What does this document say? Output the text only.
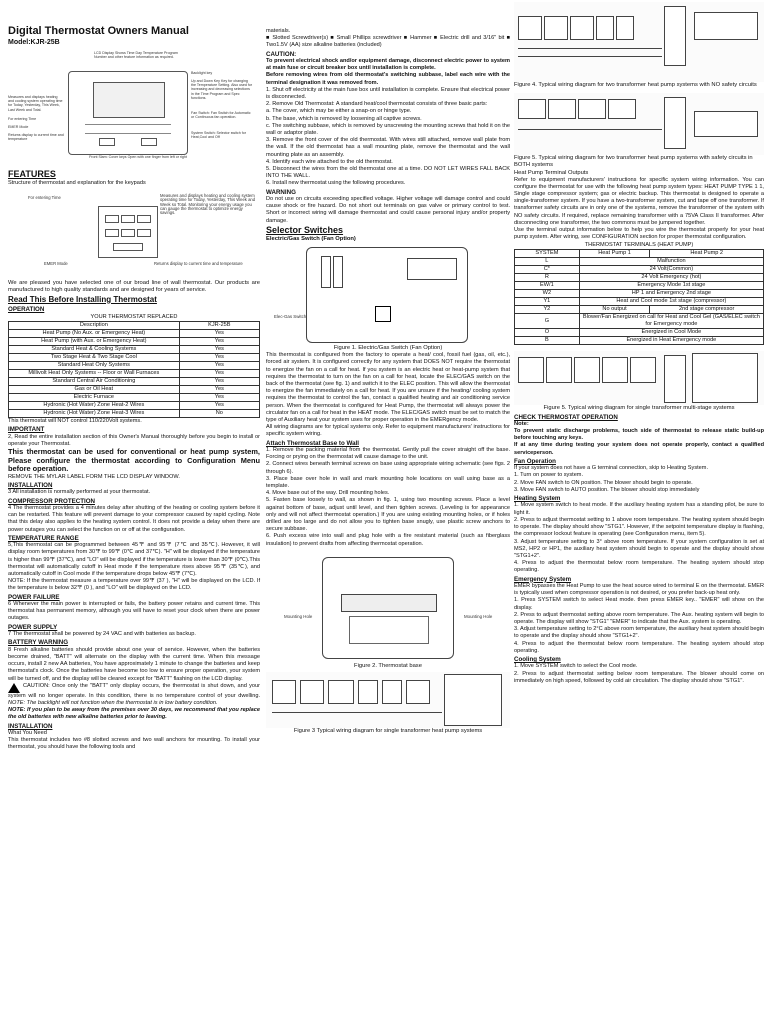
Digital Thermostat Owners Manual
Model:KJR-25B
LCD Display Shows Time Day Temperature Program Number and other feature information as required.
Backlight key
Up and Down Key Key for changing the Temperature Setting. Also used for increasing and decreasing selections in the Time Program and Spec functions.
Measures and displays heating and cooling system operating time for Today, Yesterday, This Week, Last Week and Total.
For entering Time
EMER Mode
Returns display to current time and temperature
Fan Switch: Fan Switch for Automatic or Continuous fan operation.
System Switch: Selector switch for Heat,Cool and Off
Front Slam: Cover keys Open with one finger from left or right
FEATURES

Structure of thermostat and explanation for the keypads

For entering Time	Measures and displays heating and cooling system operating time for Today, Yesterday, This Week and Week so Total. Monitoring your energy usage you can gauge the thermostat to optimize energy savings.
EMER Mode	Returns display to current time and temperature

We are pleased you have selected one of our broad line of wall thermostat. Our products are manufactured to high quality standards and are designed for years of service.

Read This Before Installing Thermostat
OPERATION
YOUR THERMOSTAT REPLACED	
Description	KJR-25B
Heat Pump (No Aux. or Emergency Heat)	Yes
Heat Pump (with Aux. or Emergency Heat)	Yes
Standard Heat & Cooling Systems	Yes
Two Stage Heat & Two Stage Cool	Yes
Standard Heat Only Systems	Yes
Millivolt Heat Only Systems -- Floor or Wall Furnaces	Yes
Standard Central Air Conditioning	Yes
Gas or Oil Heat	Yes
Electric Furnace	Yes
Hydronic (Hot Water) Zone Heat-2 Wires	Yes
Hydronic (Hot Water) Zone Heat-3 Wires	No

This thermostat will NOT control 110/220Volt systems.

IMPORTANT

2, Read the entire installation section of this Owner's Manual thoroughly before you begin to install or operate your Thermostat.

This thermostat can be used for conventional or heat pump system, Please configure the thermostat according to Configuration Menu before operation.

REMOVE THE MYLAR LABEL FORM THE LCD DISPLAY WINDOW.

INSTALLATION

3 All installation is normally performed at your thermostat.

COMPRESSOR PROTECTION

4 The thermostat provides a 4 minutes delay after shutting of the heating or cooling system before it can be restarted. This feature will prevent damage to your compressor caused by rapid cycling. Note that this delay also applies to the heating system control. It does not provide a delay when there are power outages you can select the function on or off at the configuration.

TEMPERATURE RANGE

5,This thermostat can be programmed between 45℉ and 95℉ (7℃ and 35℃). However, it will display room temperatures from 30℉ to 99℉ (0℃ and 37℃). "H" will be displayed if the temperature is higher than 99℉ (37℃), and "LO" will be displayed if the temperature is lower than 30℉ (0℃).This thermostat will automatically cutoff in Heat mode if the temperature rises above 95℉ (35℃), and automatically cutoff in Cool mode if the temperature drops below 45℉ (7℃).

NOTE: If the thermostat measure a temperature over 99℉ (37 ), "H" will be displayed on the LCD. If the temperature is below 32℉ (0 ), and "LO" will be displayed on the LCD.

POWER FAILURE

6 Whenever the main power is interrupted or fails, the battery power retains and current time. This thermostat has permanent memory, although you will have to reset your clock when there are power outages.

POWER SUPPLY

7 The thermostat shall be powered by 24 VAC and with batteries as backup.

BATTERY WARNING

8 Fresh alkaline batteries should provide about one year of service. However, when the batteries become drained, "BATT" will alternate on the display with the current time. When this message occurs, install 2 new AA batteries, You have approximately 1 minute to change the batteries and keep thermostat's clock. Once the batteries have become too low to ensure proper operation, your system will be turned off, and the display will be cleared except for "BATT" flashing on the LCD display.

CAUTION: Once only the "BATT" only display occurs, the thermostat is shut down, and your system will no longer operate. In this condition, there is no temperature control of your dwelling. NOTE: The backlight will not function when the thermostat is in low battery condition.

NOTE: If you plan to be away from the premises over 30 days, we recommend that you replace the old batteries with new alkaline batteries prior to leaving.

INSTALLATION
What You Need

This thermostat includes two #8 slotted screws and two wall anchors for mounting. To install your thermostat, you should have the following tools and

materials.

■ Slotted Screwdriver(s) ■ Small Phillips screwdriver ■ Hammer ■ Electric drill and 3/16" bit ■ Two1.5V (AA) size alkaline batteries (included)

CAUTION:

To prevent electrical shock and/or equipment damage, disconnect electric power to system at main fuse or circuit breaker box until installation is complete.

Before removing wires from old thermostat's switching subbase, label each wire with the terminal designation it was removed from.

1. Shut off electricity at the main fuse box until installation is complete. Ensure that electrical power is disconnected.

2. Remove Old Thermostat: A standard heat/cool thermostat consists of three basic parts:

a. The cover, which may be either a snap-on or hinge type.

b. The base, which is removed by loosening all captive screws.

c. The switching subbase, which is removed by unscrewing the mounting screws that hold it on the wall or adaptor plate.

3. Remove the front cover of the old thermostat. With wires still attached, remove wall plate from the wall. If the old thermostat has a wall mounting plate, remove the thermostat and the wall mounting plate as an assembly.

4. Identify each wire attached to the old thermostat.

5. Disconnect the wires from the old thermostat one at a time. DO NOT LET WIRES FALL BACK INTO THE WALL.

6. Install new thermostat using the following procedures.

WARNING

Do not use on circuits exceeding specified voltage. Higher voltage will damage control and could cause shock or fire hazard. Do not short out terminals on gas valve or primary control to test. Short or incorrect wiring will damage thermostat and could cause personal injury and/or property damage.

Selector Switches
Electric/Gas Switch (Fan Option)
Elec-Gas Switch
Figure 1. Electric/Gas Switch (Fan Option)

This thermostat is configured from the factory to operate a heat/ cool, fossil fuel (gas, oil, etc.), forced air system. It is configured correctly for any system that DOES NOT require the thermostat to energize the fan on a call for heat. If you system is an electric heat or heat-pump system that requires the thermostat to turn on the fan on a call for heat, locate the ELEC/GAS switch on the back of the thermostat (see fig. 1) and switch it to the ELEC position. This will allow the thermostat to energize the fan immediately on a call for heat. If you are unsure if the heating/ cooling system requires the thermostat to control the fan, contact a qualified heating and air conditioning service person. When the thermostat is configured for Heat Pump, the thermostat will always power the circulator fan on a call for heat in the HEAT mode. The ELEC/GAS switch must be set to match the type of Auxiliary heat your system uses for proper operation in the EMERgency mode.

All wiring diagrams are for typical systems only. Refer to equipment manufacturers' instructions for specific system wiring.

Attach Thermostat Base to Wall

1. Remove the packing material from the thermostat. Gently pull the cover straight off the base. Forcing or prying on the thermostat will cause damage to the unit.

2. Connect wires beneath terminal screws on base using appropriate wiring schematic (see figs. 2 through 6).

3. Place base over hole in wall and mark mounting hole locations on wall using base as a template.

4. Move base out of the way. Drill mounting holes.

5. Fasten base loosely to wall, as shown in fig. 1, using two mounting screws. Place a level against bottom of base, adjust until level, and then tighten screws. (Leveling is for appearance only and will not affect thermostat operation.) If you are using existing mounting holes, or if holes drilled are too large and do not allow you to tighten base snugly, use plastic screw anchors to secure subbase.

6. Push excess wire into wall and plug hole with a fire resistant material (such as fiberglass insulation) to prevent drafts from affecting thermostat operation.

Mounting Hole	Mounting Hole
Figure 2. Thermostat base
Figure 3 Typical wiring diagram for single transformer heat pump systems
Figure 4. Typical wiring diagram for two transformer heat pump systems with NO safety circuits
Figure 5. Typical wiring diagram for two transformer heat pump systems with safety circuits in BOTH systems
Heat Pump Terminal Outputs

Refer to equipment manufacturers' instructions for specific system wiring information. You can configure the thermostat for use with the following heat pump system types: HEAT PUMP TYPE 1 1, Single stage compressor system; gas or electric backup. This thermostat is designed to operate a single-transformer system. If you have a two-transformer system, cut and tape off one transformer. If transformer safety circuits are in only one of the systems, remove the transformer of the system with NO safety circuits. If required, replace remaining transformer with a 75VA Class II transformer. After disconnecting one transformer, the two commons must be jumpered together.

Use the terminal output information below to help you wire the thermostat properly for your heat pump system. After wiring, see CONFIGURATION section for proper thermostat configuration.

THERMOSTAT TERMINALS (HEAT PUMP)		
SYSTEM	Heat Pump 1	Heat Pump 2
L	Malfunction	
C*	24 Volt(Common)	
R	24 Volt Emergency (hot)	
EW/1	Emergency Mode 1st stage	
W2	HP 1 and Emergency 2nd stage	
Y1	Heat and Cool mode 1st stage (compressor)	
Y2	No output	2nd stage compressor
G	Blower/Fan Energized on call for Heat and Cool Gel (GAS/ELEC switch for Emergency mode	
O	Energized in Cool Mode	
B	Energized in Heat Emergency mode	
Figure 5. Typical wiring diagram for single transformer multi-stage systems
CHECK THERMOSTAT OPERATION
Note:

To prevent static discharge problems, touch side of thermostat to release static build-up before touching any keys.

If at any time during testing your system does not operate properly, contact a qualified serviceperson.

Fan Operation

If your system does not have a G terminal connection, skip to Heating System.

1. Turn on power to system.

2. Move FAN switch to ON position. The blower should begin to operate.

3. Move FAN switch to AUTO position. The blower should stop immediately

Heating System

1. Move system switch to heat mode. If the auxiliary heating system has a standing pilot, be sure to light it.

2. Press to adjust thermostat setting to 1 above room temperature. The heating system should begin to operate. The display should show "STG1". However, if the setpoint temperature display is flashing, the compressor lockout feature is operating (see Configuration menu, item 5).

3. Adjust temperature setting to 3° above room temperature. If your system configuration is set at MS2, HP2 or HP1, the auxiliary heat system should begin to operate and the display should show "STG1+2".

4. Press to adjust the thermostat below room temperature. The heating system should stop operating.

Emergency System

EMER bypasses the Heat Pump to use the heat source wired to terminal E on the thermostat. EMER is typically used when compressor operation is not desired, or you prefer back-up heat only.

1. Press SYSTEM switch to select Heat mode. then press EMER key.. "EMER" will show on the display.

2. Press to adjust thermostat setting above room temperature. The Aux. heating system will begin to operate. The display will show "STG1" "EMER" to indicate that the Aux. system is operating.

3. Adjust temperature setting to 2°C above room temperature, the auxiliary heat system should begin to operate and the display should show "STG1+2".

4. Press to adjust the thermostat below room temperature. The heating system should stop operating.

Cooling System

1. Move SYSTEM switch to select the Cool mode.

2. Press to adjust thermostat setting below room temperature. The blower should come on immediately on high speed, followed by cold air circulation. The display should show "STG1".
